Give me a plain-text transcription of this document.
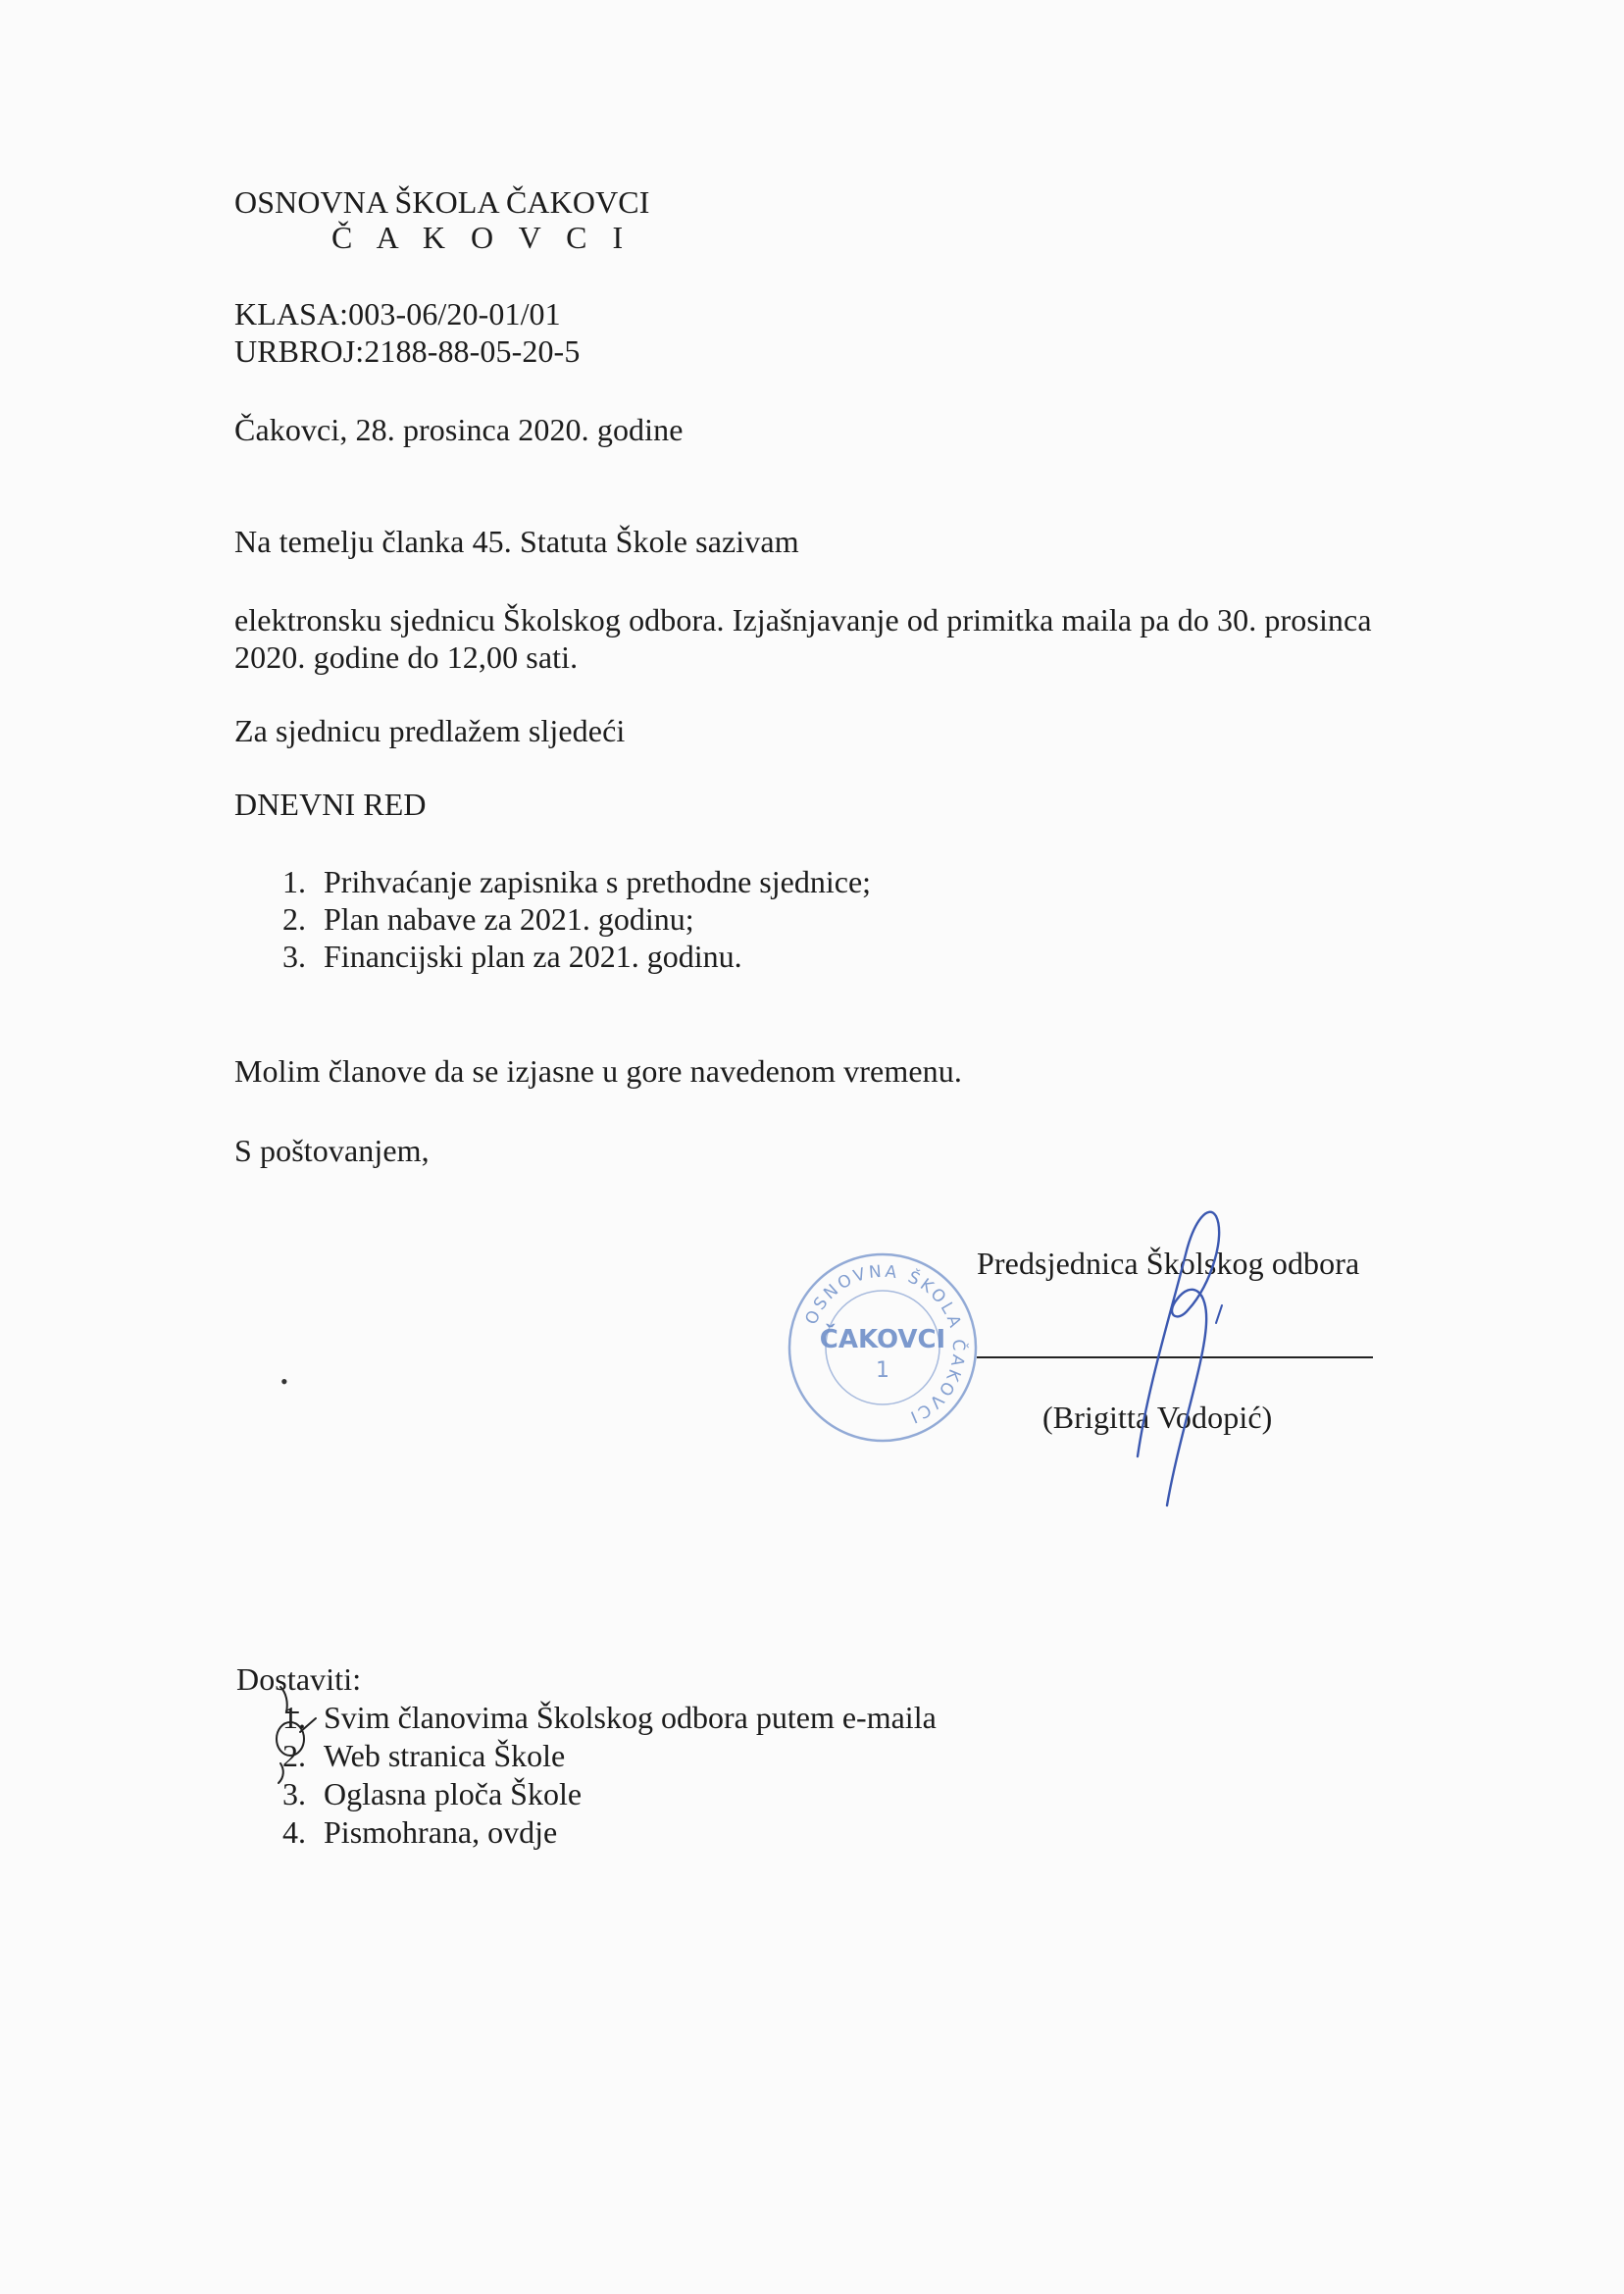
OSNOVNA ŠKOLA ČAKOVCI
Č A K O V C I
KLASA:003-06/20-01/01
URBROJ:2188-88-05-20-5
Čakovci, 28. prosinca 2020. godine
Na temelju članka 45. Statuta Škole sazivam
elektronsku sjednicu Školskog odbora. Izjašnjavanje od primitka maila pa do 30. prosinca
2020. godine do 12,00 sati.
Za sjednicu predlažem sljedeći
DNEVNI RED
1. Prihvaćanje zapisnika s prethodne sjednice;
2. Plan nabave za 2021. godinu;
3. Financijski plan za 2021. godinu.
Molim članove da se izjasne u gore navedenom vremenu.
S poštovanjem,
Predsjednica Školskog odbora
(Brigitta Vodopić)
OSNOVNA ŠKOLA ČAKOVCI
ČAKOVCI
1
•
Dostaviti:
1. Svim članovima Školskog odbora putem e-maila
2. Web stranica Škole
3. Oglasna ploča Škole
4. Pismohrana, ovdje
